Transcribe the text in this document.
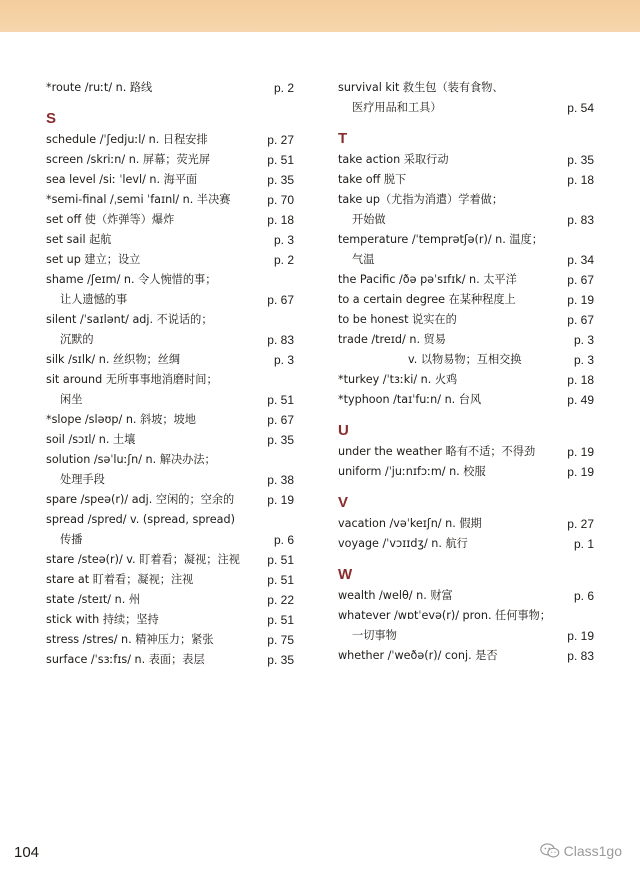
*route /ruːt/ n. 路线	p. 2
S
schedule /ˈʃedjuːl/ n. 日程安排	p. 27
screen /skriːn/ n. 屏幕；荧光屏	p. 51
sea level /siː ˈlevl/ n. 海平面	p. 35
*semi-final /ˌsemi ˈfaɪnl/ n. 半决赛	p. 70
set off 使（炸弹等）爆炸	p. 18
set sail 起航	p. 3
set up 建立；设立	p. 2
shame /ʃeɪm/ n. 令人惋惜的事；
让人遗憾的事	p. 67
silent /ˈsaɪlənt/ adj. 不说话的；
沉默的	p. 83
silk /sɪlk/ n. 丝织物；丝绸	p. 3
sit around 无所事事地消磨时间；
闲坐	p. 51
*slope /sləʊp/ n. 斜坡；坡地	p. 67
soil /sɔɪl/ n. 土壤	p. 35
solution /səˈluːʃn/ n. 解决办法；
处理手段	p. 38
spare /speə(r)/ adj. 空闲的；空余的	p. 19
spread /spred/ v. (spread, spread)
传播	p. 6
stare /steə(r)/ v. 盯着看；凝视；注视	p. 51
stare at 盯着看；凝视；注视	p. 51
state /steɪt/ n. 州	p. 22
stick with 持续；坚持	p. 51
stress /stres/ n. 精神压力；紧张	p. 75
surface /ˈsɜːfɪs/ n. 表面；表层	p. 35
survival kit 救生包（装有食物、
医疗用品和工具）	p. 54
T
take action 采取行动	p. 35
take off 脱下	p. 18
take up（尤指为消遣）学着做；
开始做	p. 83
temperature /ˈtemprətʃə(r)/ n. 温度；
气温	p. 34
the Pacific /ðə pəˈsɪfɪk/ n. 太平洋	p. 67
to a certain degree 在某种程度上	p. 19
to be honest 说实在的	p. 67
trade /treɪd/ n. 贸易	p. 3
v. 以物易物；互相交换	p. 3
*turkey /ˈtɜːki/ n. 火鸡	p. 18
*typhoon /taɪˈfuːn/ n. 台风	p. 49
U
under the weather 略有不适；不得劲	p. 19
uniform /ˈjuːnɪfɔːm/ n. 校服	p. 19
V
vacation /vəˈkeɪʃn/ n. 假期	p. 27
voyage /ˈvɔɪɪdʒ/ n. 航行	p. 1
W
wealth /welθ/ n. 财富	p. 6
whatever /wɒtˈevə(r)/ pron. 任何事物；
一切事物	p. 19
whether /ˈweðə(r)/ conj. 是否	p. 83
104	Class1go
